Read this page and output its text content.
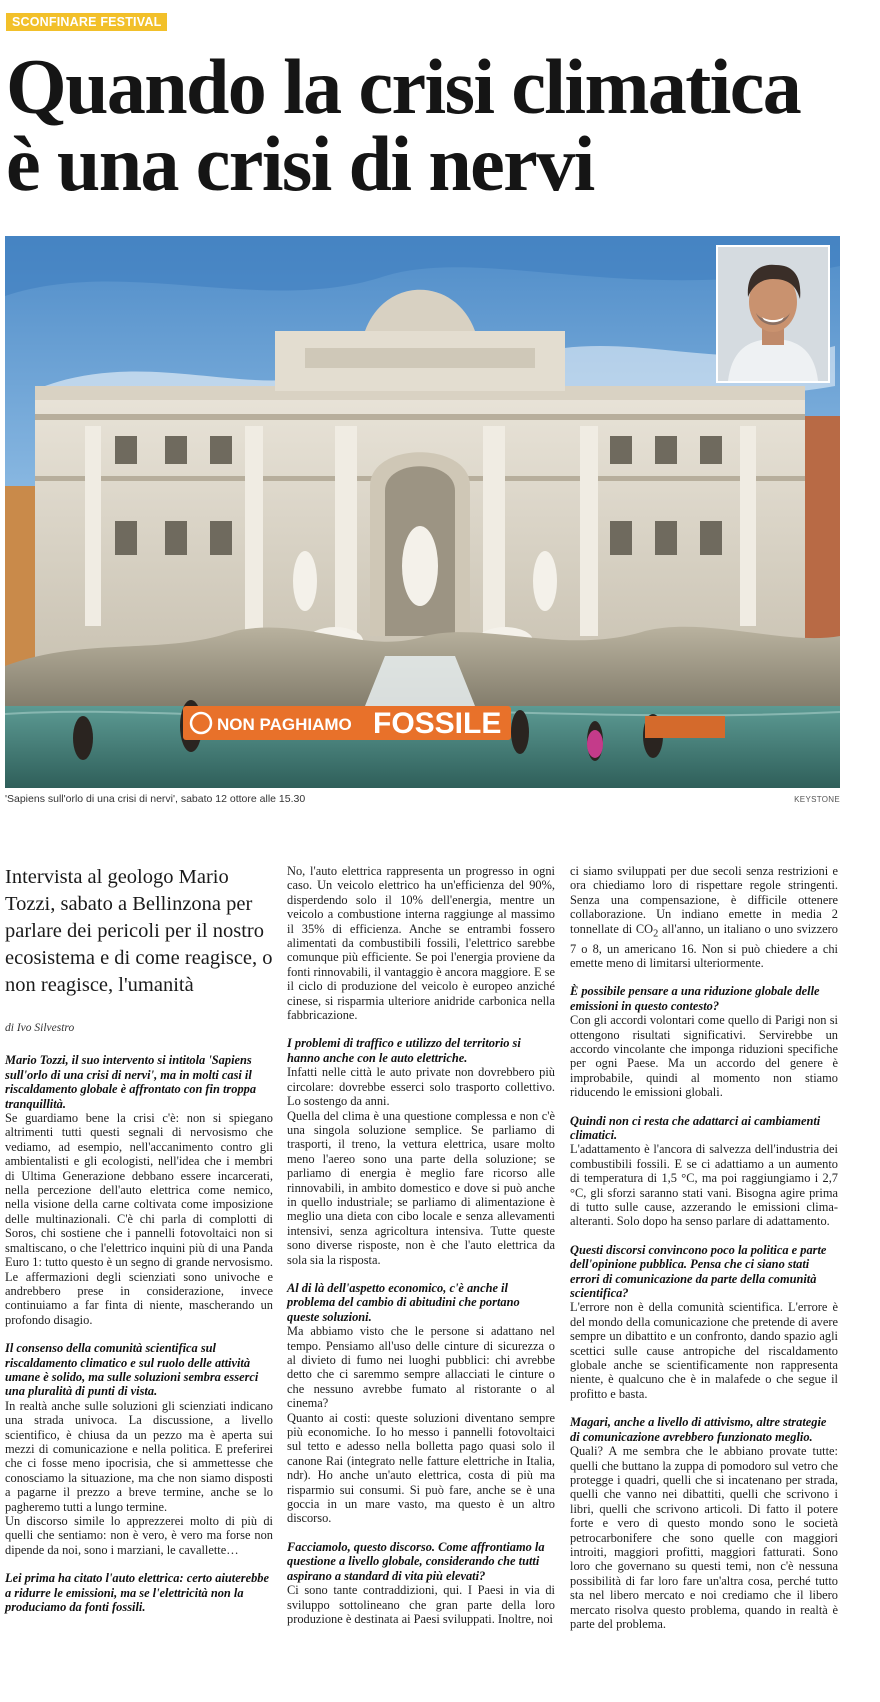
SCONFINARE FESTIVAL
Quando la crisi climatica
è una crisi di nervi
NON PAGHIAMO FOSSILE
'Sapiens sull'orlo di una crisi di nervi', sabato 12 ottore alle 15.30	KEYSTONE
Intervista al geologo Mario Tozzi, sabato a Bellinzona per parlare dei pericoli per il nostro ecosistema e di come reagisce, o non reagisce, l'umanità
di Ivo Silvestro

Mario Tozzi, il suo intervento si intitola 'Sapiens sull'orlo di una crisi di nervi', ma in molti casi il riscaldamento globale è affrontato con fin troppa tranquillità.

Se guardiamo bene la crisi c'è: non si spiegano altrimenti tutti questi segnali di nervosismo che vediamo, ad esempio, nell'accanimento contro gli ambientalisti e gli ecologisti, nell'idea che i membri di Ultima Generazione debbano essere incarcerati, nella percezione dell'auto elettrica come nemico, nella visione della carne coltivata come imposizione delle multinazionali. C'è chi parla di complotti di Soros, chi sostiene che i pannelli fotovoltaici non si smaltiscano, o che l'elettrico inquini più di una Panda Euro 1: tutto questo è un segno di grande nervosismo. Le affermazioni degli scienziati sono univoche e andrebbero prese in considerazione, invece continuiamo a far finta di niente, mascherando un profondo disagio.

Il consenso della comunità scientifica sul riscaldamento climatico e sul ruolo delle attività umane è solido, ma sulle soluzioni sembra esserci una pluralità di punti di vista.

In realtà anche sulle soluzioni gli scienziati indicano una strada univoca. La discussione, a livello scientifico, è chiusa da un pezzo ma è aperta sui mezzi di comunicazione e nella politica. E preferirei che ci fosse meno ipocrisia, che si ammettesse che conosciamo la situazione, ma che non siamo disposti a pagarne il prezzo a breve termine, anche se lo pagheremo tutti a lungo termine.

Un discorso simile lo apprezzerei molto di più di quelli che sentiamo: non è vero, è vero ma forse non dipende da noi, sono i marziani, le cavallette…

Lei prima ha citato l'auto elettrica: certo aiuterebbe a ridurre le emissioni, ma se l'elettricità non la produciamo da fonti fossili.

No, l'auto elettrica rappresenta un progresso in ogni caso. Un veicolo elettrico ha un'efficienza del 90%, disperdendo solo il 10% dell'energia, mentre un veicolo a combustione interna raggiunge al massimo il 35% di efficienza. Anche se entrambi fossero alimentati da combustibili fossili, l'elettrico sarebbe comunque più efficiente. Se poi l'energia proviene da fonti rinnovabili, il vantaggio è ancora maggiore. E se il ciclo di produzione del veicolo è europeo anziché cinese, si risparmia ulteriore anidride carbonica nella fabbricazione.

I problemi di traffico e utilizzo del territorio si hanno anche con le auto elettriche.

Infatti nelle città le auto private non dovrebbero più circolare: dovrebbe esserci solo trasporto collettivo. Lo sostengo da anni.

Quella del clima è una questione complessa e non c'è una singola soluzione semplice. Se parliamo di trasporti, il treno, la vettura elettrica, usare molto meno l'aereo sono una parte della soluzione; se parliamo di energia è meglio fare ricorso alle rinnovabili, in ambito domestico e dove si può anche in quello industriale; se parliamo di alimentazione è meglio una dieta con cibo locale e senza allevamenti intensivi, senza agricoltura intensiva. Tutte queste sono diverse risposte, non è che l'auto elettrica da sola sia la risposta.

Al di là dell'aspetto economico, c'è anche il problema del cambio di abitudini che portano queste soluzioni.

Ma abbiamo visto che le persone si adattano nel tempo. Pensiamo all'uso delle cinture di sicurezza o al divieto di fumo nei luoghi pubblici: chi avrebbe detto che ci saremmo sempre allacciati le cinture o che nessuno avrebbe fumato al ristorante o al cinema?

Quanto ai costi: queste soluzioni diventano sempre più economiche. Io ho messo i pannelli fotovoltaici sul tetto e adesso nella bolletta pago quasi solo il canone Rai (integrato nelle fatture elettriche in Italia, ndr). Ho anche un'auto elettrica, costa di più ma risparmio sui consumi. Si può fare, anche se è una goccia in un mare vasto, ma questo è un altro discorso.

Facciamolo, questo discorso. Come affrontiamo la questione a livello globale, considerando che tutti aspirano a standard di vita più elevati?

Ci sono tante contraddizioni, qui. I Paesi in via di sviluppo sottolineano che gran parte della loro produzione è destinata ai Paesi sviluppati. Inoltre, noi

ci siamo sviluppati per due secoli senza restrizioni e ora chiediamo loro di rispettare regole stringenti. Senza una compensazione, è difficile ottenere collaborazione. Un indiano emette in media 2 tonnellate di $CO_2$ all'anno, un italiano o uno svizzero 7 o 8, un americano 16. Non si può chiedere a chi emette meno di limitarsi ulteriormente.

È possibile pensare a una riduzione globale delle emissioni in questo contesto?

Con gli accordi volontari come quello di Parigi non si ottengono risultati significativi. Servirebbe un accordo vincolante che imponga riduzioni specifiche per ogni Paese. Ma un accordo del genere è improbabile, quindi al momento non stiamo riducendo le emissioni globali.

Quindi non ci resta che adattarci ai cambiamenti climatici.

L'adattamento è l'ancora di salvezza dell'industria dei combustibili fossili. E se ci adattiamo a un aumento di temperatura di 1,5 °C, ma poi raggiungiamo i 2,7 °C, gli sforzi saranno stati vani. Bisogna agire prima di tutto sulle cause, azzerando le emissioni clima-alteranti. Solo dopo ha senso parlare di adattamento.

Questi discorsi convincono poco la politica e parte dell'opinione pubblica. Pensa che ci siano stati errori di comunicazione da parte della comunità scientifica?

L'errore non è della comunità scientifica. L'errore è del mondo della comunicazione che pretende di avere sempre un dibattito e un confronto, dando spazio agli scettici sulle cause antropiche del riscaldamento globale anche se scientificamente non rappresenta niente, è qualcuno che è in malafede o che segue il profitto e basta.

Magari, anche a livello di attivismo, altre strategie di comunicazione avrebbero funzionato meglio.

Quali? A me sembra che le abbiano provate tutte: quelli che buttano la zuppa di pomodoro sul vetro che protegge i quadri, quelli che si incatenano per strada, quelli che vanno nei dibattiti, quelli che scrivono i libri, quelli che scrivono articoli. Di fatto il potere forte e vero di questo mondo sono le società petrocarbonifere che sono quelle con maggiori introiti, maggiori profitti, maggiori fatturati. Sono loro che governano su questi temi, non c'è nessuna possibilità di far loro fare un'altra cosa, perché tutto sta nel libero mercato e noi crediamo che il libero mercato risolva questo problema, quando in realtà è parte del problema.
